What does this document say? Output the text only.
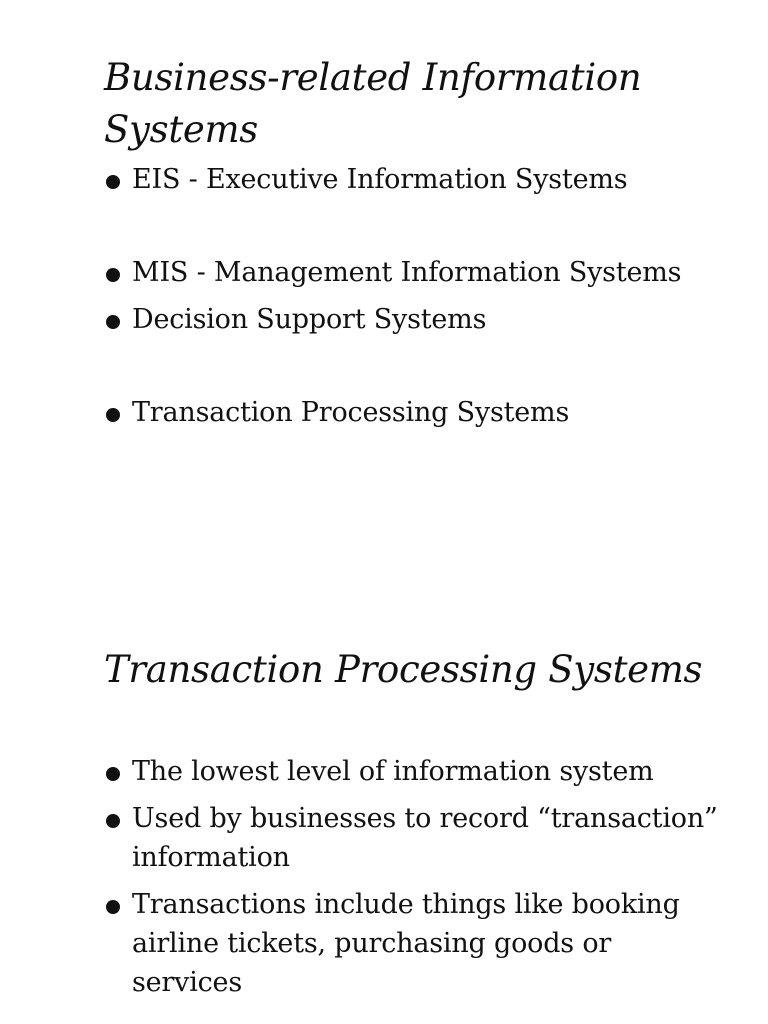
Business-related Information Systems
EIS - Executive Information Systems
MIS - Management Information Systems
Decision Support Systems
Transaction Processing Systems
Transaction Processing Systems
The lowest level of information system
Used by businesses to record “transaction” information
Transactions include things like booking airline tickets, purchasing goods or services
